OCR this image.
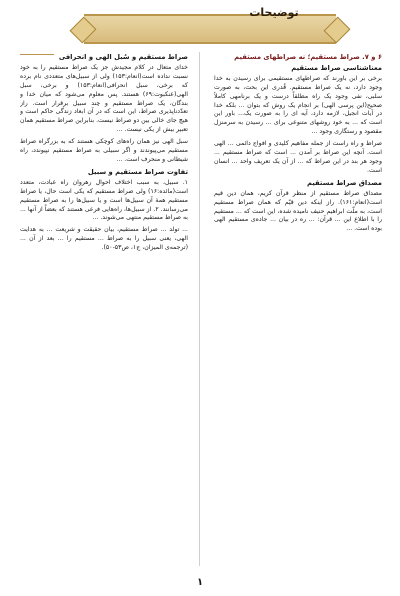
توضیحات
۶ و ۷. صراط مستقیم؛ نه صراطهای مستقیم
معناشناسی صراط مستقیم

برخی بر این باورند که صراطهای مستقیمی برای رسیدن به خدا وجود دارد، نه یک صراط مستقیم. قُدری این بحث، به صورت سلبی، نفی وجود یک راه مطلقاً درست و یک برنامهی کاملاً صحیح(این پرسی الهی) بر انجام یک روش که بتوان ... بلکه خدا در آیات انجیل، لازمه دارد، آیه ای را به صورت یک... باور این است که ... به خود روشهای متنوعی برای ... رسیدن به سرمنزل مقصود و رستگاری وجود ...

صراط و راه راست از جمله مفاهیم کلیدی و افواج دائمی ... الهی است. آنچه این صراط بر آمدن ... است که صراط مستقیم ... وجود هر بند در این صراط که ... از آن یک تعریف واحد ... انسان است.

مصداق صراط مستقیم

مصداق صراط مستقیم از منظر قرآن کریم، همان دین قیم است(انعام:۱۶۱). راز اینکه دین قیّم که همان صراط مستقیم است، به ملّت ابراهیم حنیف نامیده شده، این است که ... مستقیم را با اطلاع این ... قرآن: ... ره در بیان ... جاده‌ی مستقیم الهی بوده است. ...

صراط مستقیم و سُبل الهی و انحرافی

خدای متعال در کلام مجیدش جز یک صراط مستقیم را به خود نسبت نداده است(انعام:۱۵۳) ولی از سبیل‌های متعددی نام برده که برخی، سبل انحرافی(انعام:۱۵۳) و برخی، سبل الهی(عنکبوت:۶۹) هستند. پس معلوم می‌شود که میان خدا و بندگان، یک صراط مستقیم و چند سبیل برقرار است. راز تعدّدناپذیری صراط، این است که در آن ابعاد زندگی حاکم است و هیچ جای خالی بین دو صراط نیست. بنابراین صراط مستقیم همان تعبیر بیش از یکی نیست. ...

سبل الهی نیز همان راه‌های کوچکی هستند که به بزرگراه صراط مستقیم می‌پیوندند و اگر سبیلی به صراط مستقیم نپیوندد، راه شیطانی و منحرف است. ...

تفاوت صراط مستقیم و سبیل

۱. سبیل، به سبب اختلاف احوال رهروان راه عبادت، متعدد است(مائده:۱۶) ولی صراط مستقیم که یکی است حال، یا صراط مستقیم همهٔ آن سبیل‌ها است و یا سبیل‌ها را به صراط مستقیم می‌رسانند. ۲. از سبیل‌ها، راه‌هایی فرعی هستند که بعضاً از آنها ... به صراط مستقیم منتهی می‌شوند. ...

... تولد ... صراط مستقیم، بیان حقیقت و شریعت ... به هدایت الهی، یعنی سبیل را به صراط ... مستقیم را ... بعد از آن ... (ترجمه‌ی المیزان، ج۱، ص۵۳-۵۰).

۱
